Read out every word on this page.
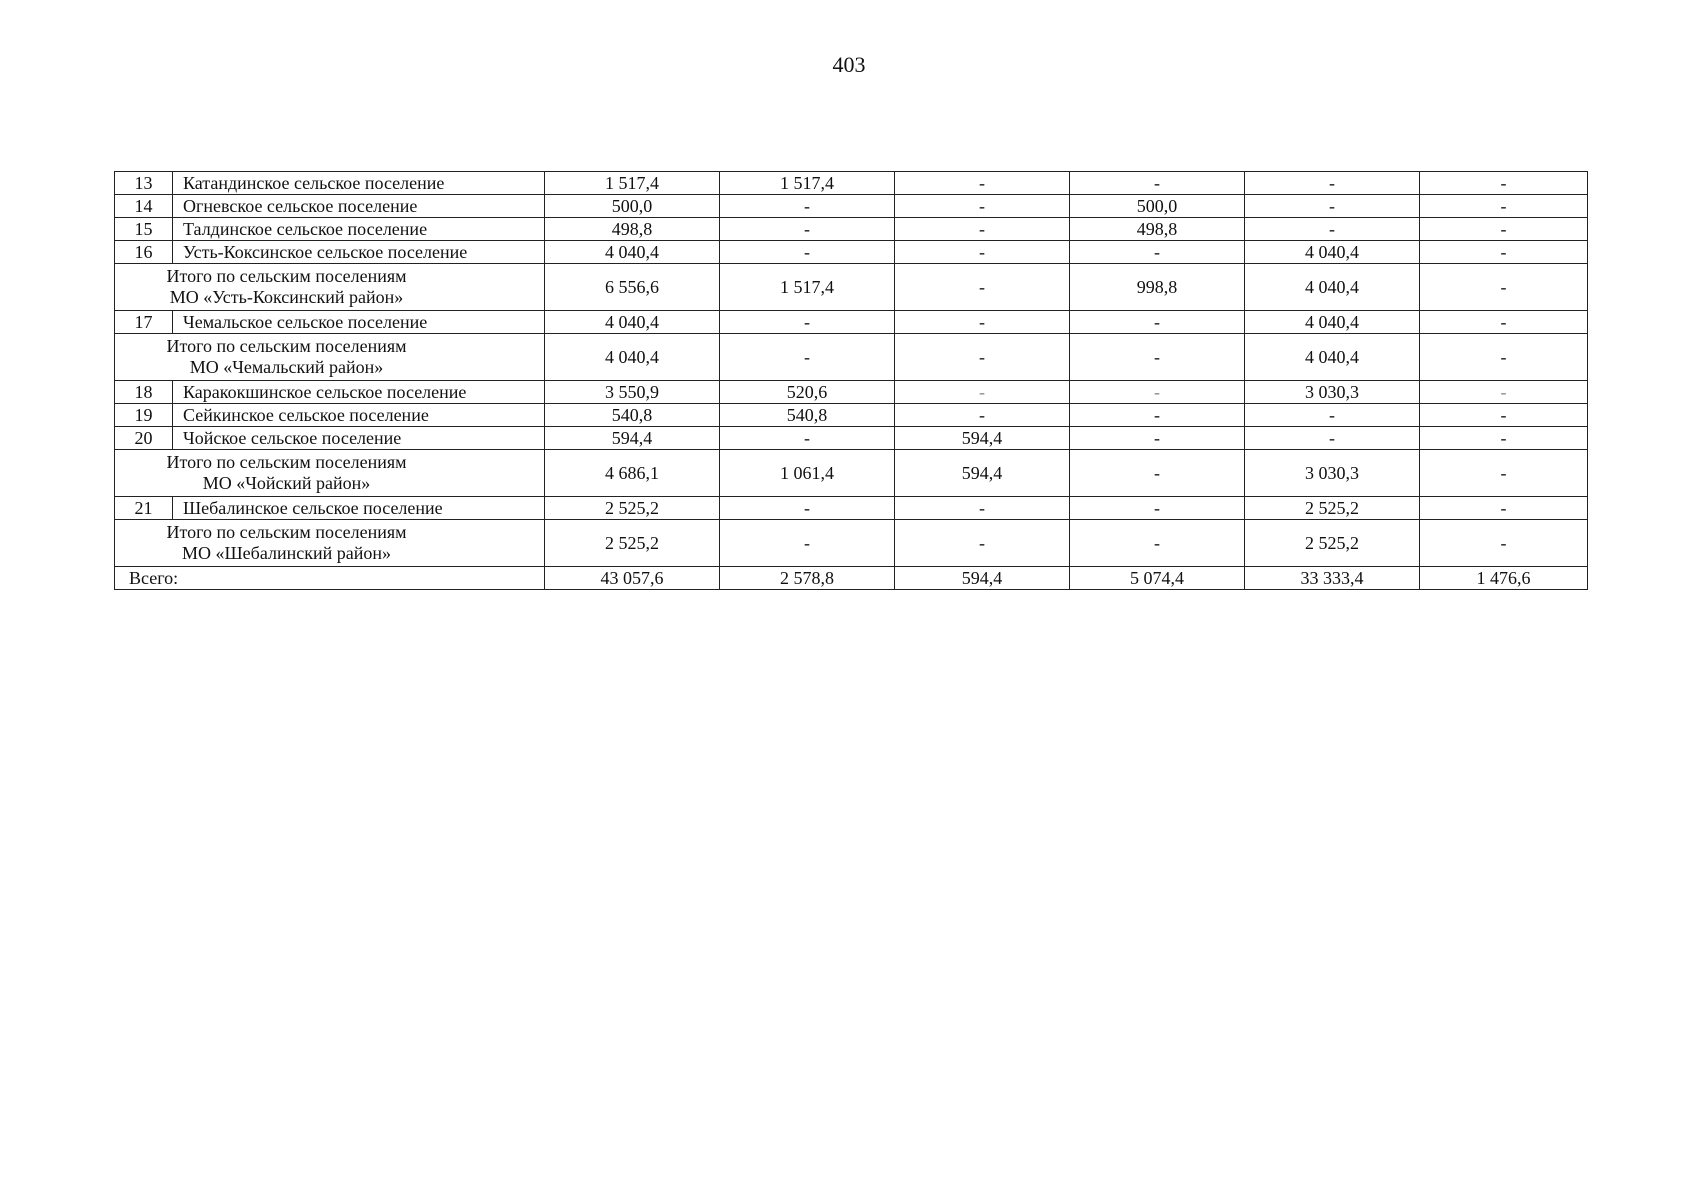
403
13	Катандинское сельское поселение	1 517,4	1 517,4	-	-	-	-
14	Огневское сельское поселение	500,0	-	-	500,0	-	-
15	Талдинское сельское поселение	498,8	-	-	498,8	-	-
16	Усть-Коксинское сельское поселение	4 040,4	-	-	-	4 040,4	-

Итого по сельским поселениям
МО «Усть-Коксинский район»		6 556,6	1 517,4	-	998,8	4 040,4	-
17	Чемальское сельское поселение	4 040,4	-	-	-	4 040,4	-

Итого по сельским поселениям
МО «Чемальский район»		4 040,4	-	-	-	4 040,4	-
18	Каракокшинское сельское поселение	3 550,9	520,6	-	-	3 030,3	-
19	Сейкинское сельское поселение	540,8	540,8	-	-	-	-
20	Чойское сельское поселение	594,4	-	594,4	-	-	-

Итого по сельским поселениям
МО «Чойский район»		4 686,1	1 061,4	594,4	-	3 030,3	-
21	Шебалинское сельское поселение	2 525,2	-	-	-	2 525,2	-

Итого по сельским поселениям
МО «Шебалинский район»		2 525,2	-	-	-	2 525,2	-
Всего:		43 057,6	2 578,8	594,4	5 074,4	33 333,4	1 476,6
